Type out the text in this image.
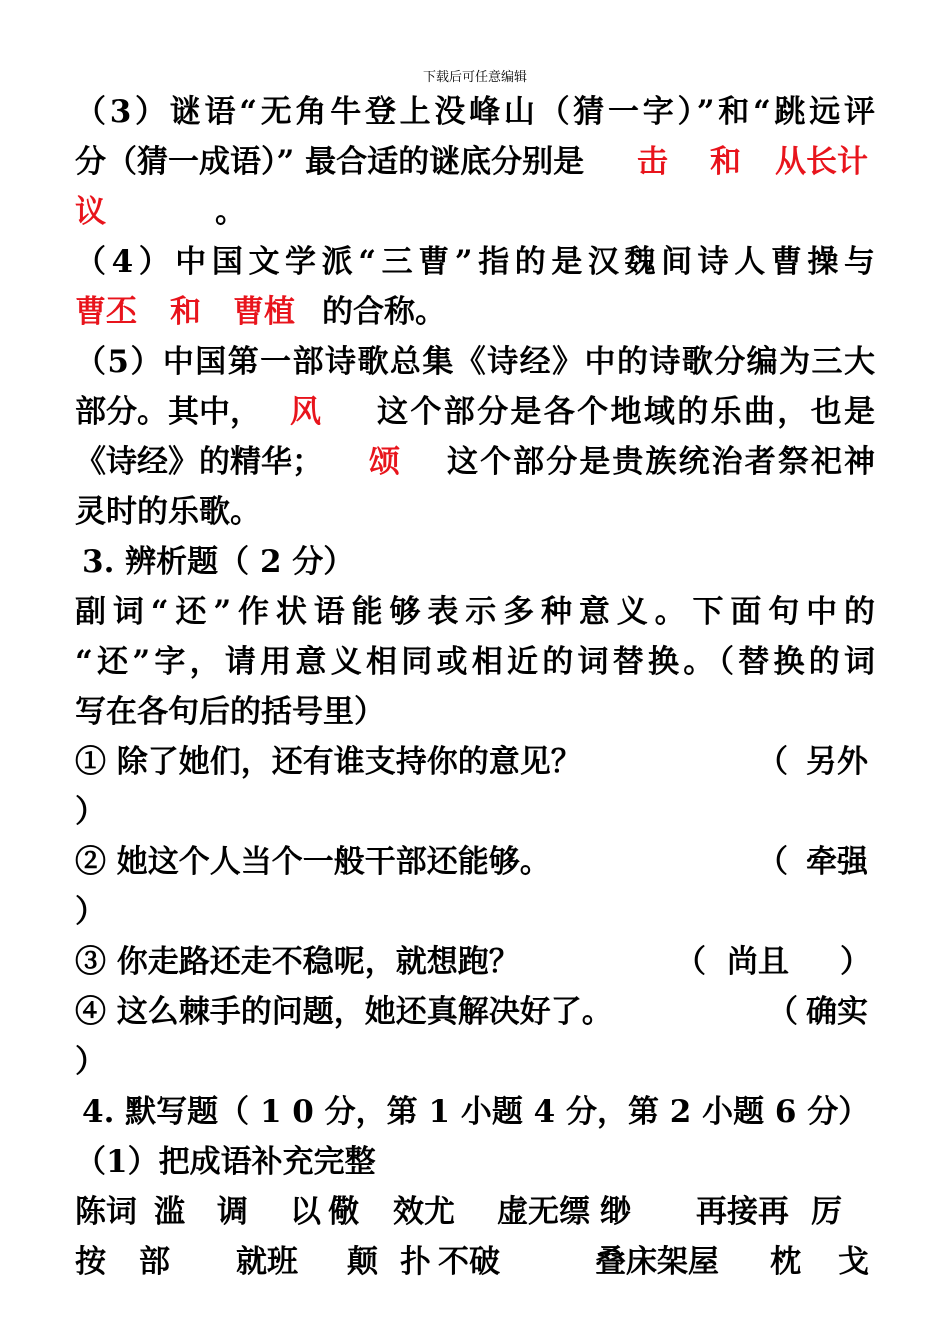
下载后可任意编辑
（3）谜语“无角牛登上没峰山（猜一字）”和“跳远评
分（猜一成语）” 最合适的谜底分别是 击 和 从长计
议	。
（4）中国文学派“三曹”指的是汉魏间诗人曹操与
曹丕 和 曹植 的合称。
（5）中国第一部诗歌总集《诗经》中的诗歌分编为三大
部分。其中， 风 这个部分是各个地域的乐曲，也是
《诗经》的精华； 颂 这个部分是贵族统治者祭祀神
灵时的乐歌。
3. 辨析题（ 2 分）
副词“还”作状语能够表示多种意义。下面句中的
“还”字，请用意义相同或相近的词替换。（替换的词
写在各句后的括号里）
① 除了她们，还有谁支持你的意见？	（ 另外
）
② 她这个人当个一般干部还能够。	（ 牵强
）
③ 你走路还走不稳呢，就想跑？	（ 尚且 ）
④ 这么棘手的问题，她还真解决好了。	（ 确实
）
4. 默写题（ 1 0 分，第 1 小题 4 分，第 2 小题 6 分）
（1）把成语补充完整
陈词 滥 调 以 儆 效尤 虚无缥 缈 再接再 厉
按 部 就班 颠 扑 不破	叠床架屋 枕 戈
